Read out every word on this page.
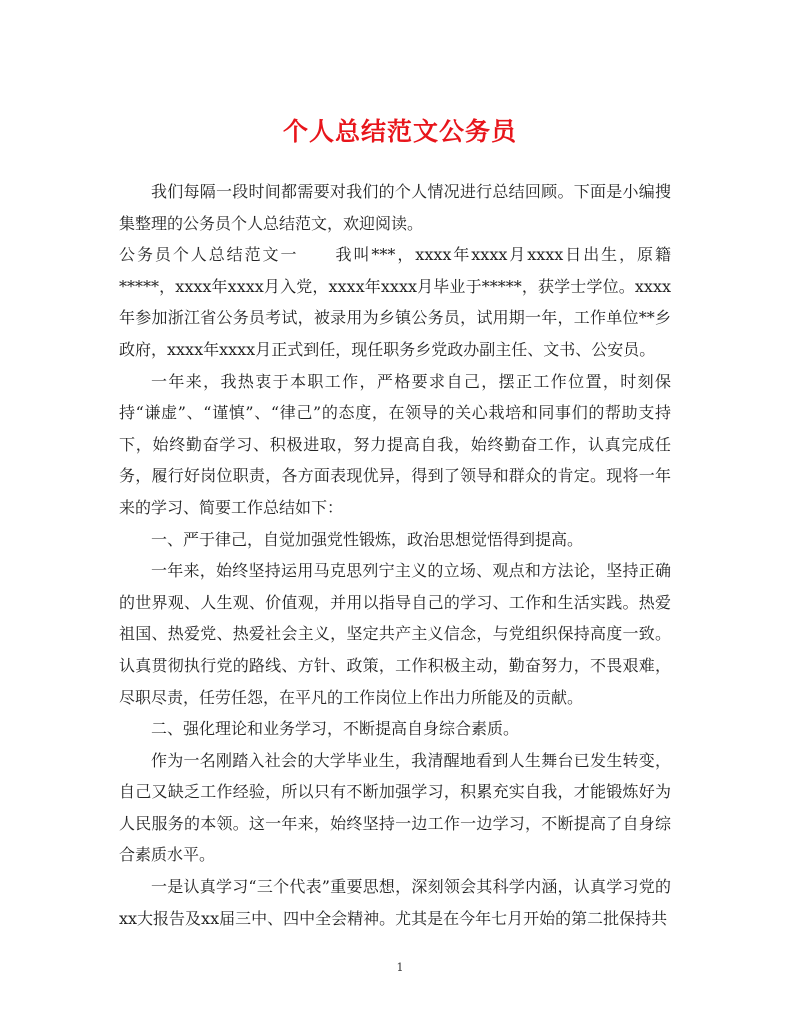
个人总结范文公务员

我们每隔一段时间都需要对我们的个人情况进行总结回顾。下面是小编搜集整理的公务员个人总结范文，欢迎阅读。

公务员个人总结范文一 我叫***，xxxx年xxxx月xxxx日出生，原籍*****，xxxx年xxxx月入党，xxxx年xxxx月毕业于*****，获学士学位。xxxx年参加浙江省公务员考试，被录用为乡镇公务员，试用期一年，工作单位**乡政府，xxxx年xxxx月正式到任，现任职务乡党政办副主任、文书、公安员。

一年来，我热衷于本职工作，严格要求自己，摆正工作位置，时刻保持“谦虚”、“谨慎”、“律己”的态度，在领导的关心栽培和同事们的帮助支持下，始终勤奋学习、积极进取，努力提高自我，始终勤奋工作，认真完成任务，履行好岗位职责，各方面表现优异，得到了领导和群众的肯定。现将一年来的学习、简要工作总结如下：

一、严于律己，自觉加强党性锻炼，政治思想觉悟得到提高。

一年来，始终坚持运用马克思列宁主义的立场、观点和方法论，坚持正确的世界观、人生观、价值观，并用以指导自己的学习、工作和生活实践。热爱祖国、热爱党、热爱社会主义，坚定共产主义信念，与党组织保持高度一致。认真贯彻执行党的路线、方针、政策，工作积极主动，勤奋努力，不畏艰难，尽职尽责，任劳任怨，在平凡的工作岗位上作出力所能及的贡献。

二、强化理论和业务学习，不断提高自身综合素质。

作为一名刚踏入社会的大学毕业生，我清醒地看到人生舞台已发生转变，自己又缺乏工作经验，所以只有不断加强学习，积累充实自我，才能锻炼好为人民服务的本领。这一年来，始终坚持一边工作一边学习，不断提高了自身综合素质水平。

一是认真学习“三个代表”重要思想，深刻领会其科学内涵，认真学习党的xx大报告及xx届三中、四中全会精神。尤其是在今年七月开始的第二批保持共

1
